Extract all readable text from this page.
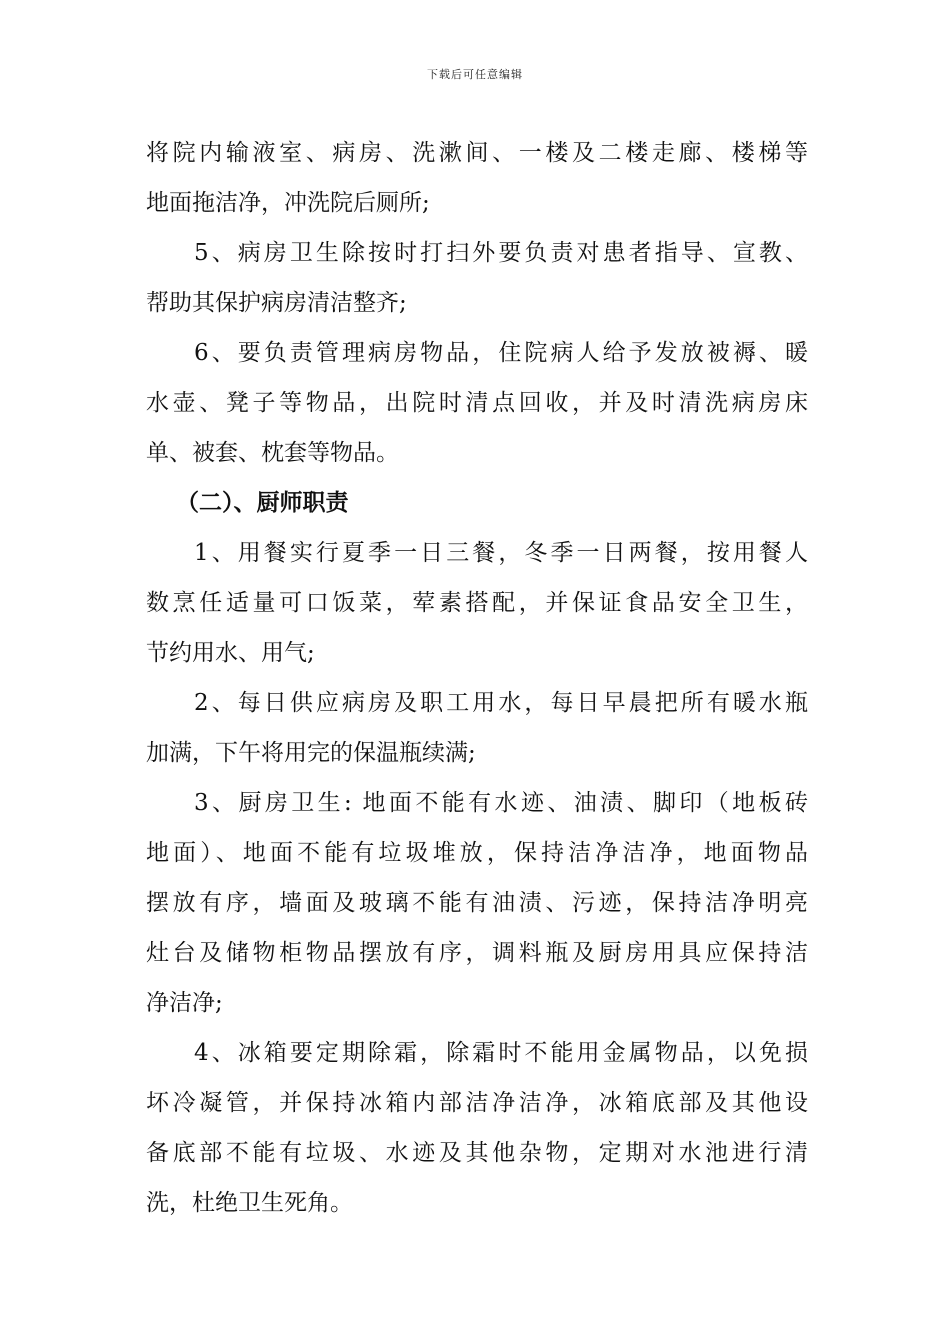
下载后可任意编辑
将院内输液室、病房、洗漱间、一楼及二楼走廊、楼梯等
地面拖洁净，冲洗院后厕所;
5、病房卫生除按时打扫外要负责对患者指导、宣教、
帮助其保护病房清洁整齐;
6、要负责管理病房物品，住院病人给予发放被褥、暖
水壶、凳子等物品，出院时清点回收，并及时清洗病房床
单、被套、枕套等物品。
（二）、厨师职责
1、用餐实行夏季一日三餐，冬季一日两餐，按用餐人
数烹任适量可口饭菜，荤素搭配，并保证食品安全卫生，
节约用水、用气;
2、每日供应病房及职工用水，每日早晨把所有暖水瓶
加满，下午将用完的保温瓶续满;
3、厨房卫生: 地面不能有水迹、油渍、脚印（地板砖
地面）、地面不能有垃圾堆放，保持洁净洁净，地面物品
摆放有序，墙面及玻璃不能有油渍、污迹，保持洁净明亮
灶台及储物柜物品摆放有序，调料瓶及厨房用具应保持洁
净洁净;
4、冰箱要定期除霜，除霜时不能用金属物品，以免损
坏冷凝管，并保持冰箱内部洁净洁净，冰箱底部及其他设
备底部不能有垃圾、水迹及其他杂物，定期对水池进行清
洗，杜绝卫生死角。
